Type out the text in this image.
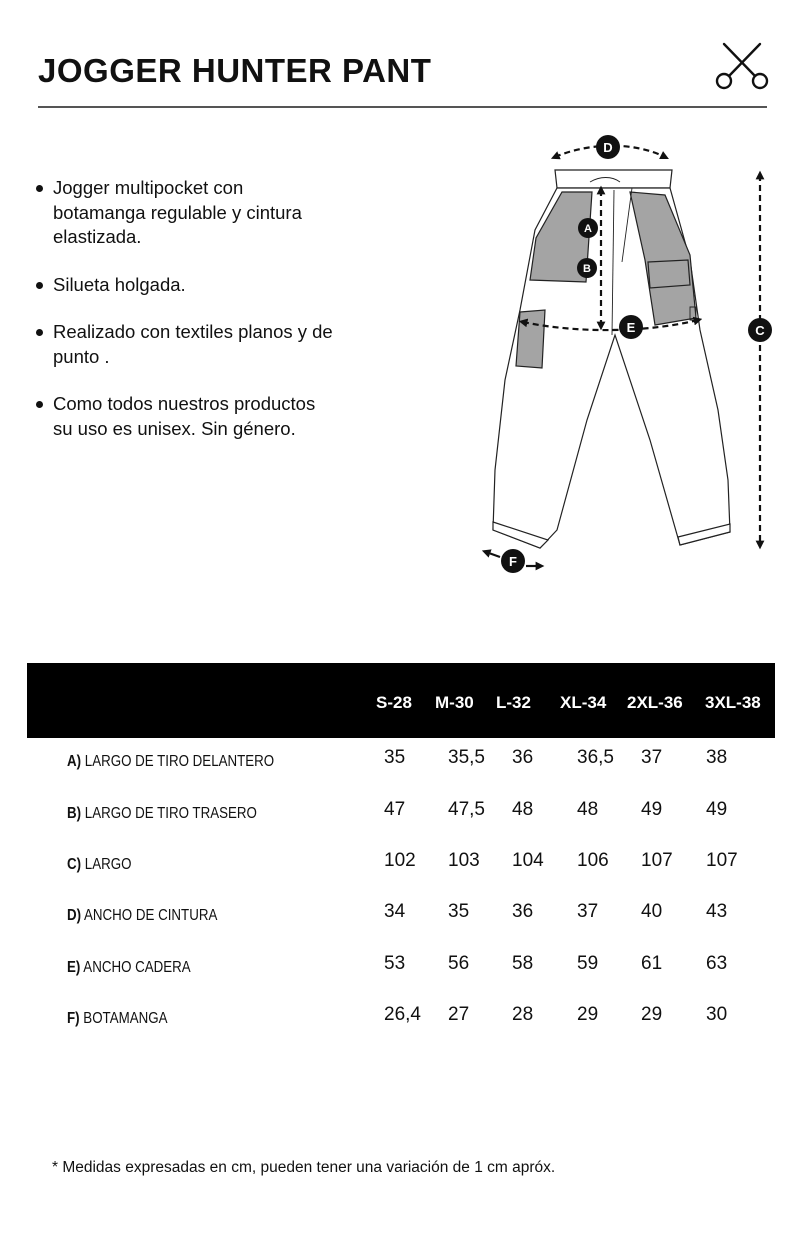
JOGGER HUNTER PANT
Jogger multipocket con botamanga regulable y cintura elastizada.
Silueta holgada.
Realizado con textiles planos y de punto .
Como todos nuestros productos su uso es unisex. Sin género.
D
A
B
E	C
F
S-28 M-30 L-32 XL-34 2XL-36 3XL-38
A) LARGO DE TIRO DELANTERO	35 35,5 36 36,5 37 38
B) LARGO DE TIRO TRASERO	47 47,5 48 48 49 49
C) LARGO	102 103 104 106 107 107
D) ANCHO DE CINTURA	34 35 36 37 40 43
E) ANCHO CADERA	53 56 58 59 61 63
F) BOTAMANGA	26,4 27 28 29 29 30
* Medidas expresadas en cm, pueden tener una variación de 1 cm apróx.
